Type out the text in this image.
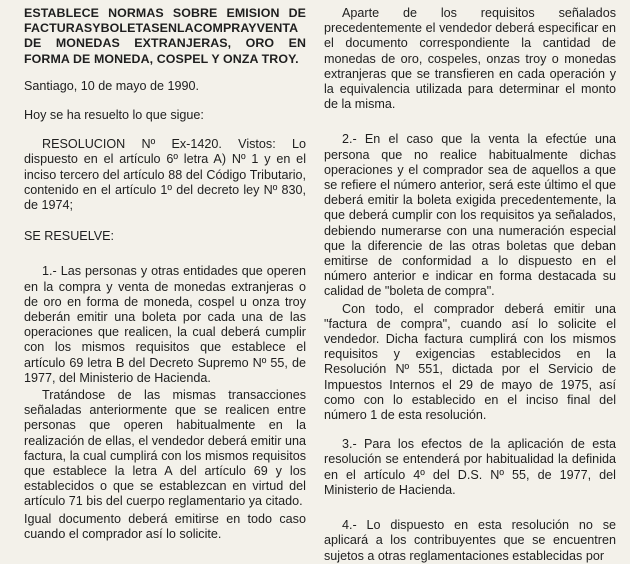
ESTABLECE NORMAS SOBRE EMISION DE FACTURASYBOLETASENLACOMPRAYVENTA DE MONEDAS EXTRANJERAS, ORO EN FORMA DE MONEDA, COSPEL Y ONZA TROY.

Santiago, 10 de mayo de 1990.

Hoy se ha resuelto lo que sigue:

RESOLUCION Nº Ex-1420. Vistos: Lo dispuesto en el artículo 6º letra A) Nº 1 y en el inciso tercero del artículo 88 del Código Tributario, contenido en el artículo 1º del decreto ley Nº 830, de 1974;

SE RESUELVE:

1.- Las personas y otras entidades que operen en la compra y venta de monedas extranjeras o de oro en forma de moneda, cospel u onza troy deberán emitir una boleta por cada una de las operaciones que realicen, la cual deberá cumplir con los mismos requisitos que establece el artículo 69 letra B del Decreto Supremo Nº 55, de 1977, del Ministerio de Hacienda.

Tratándose de las mismas transacciones señaladas anteriormente que se realicen entre personas que operen habitualmente en la realización de ellas, el vendedor deberá emitir una factura, la cual cumplirá con los mismos requisitos que establece la letra A del artículo 69 y los establecidos o que se establezcan en virtud del artículo 71 bis del cuerpo reglamentario ya citado.

Igual documento deberá emitirse en todo caso cuando el comprador así lo solicite.

Aparte de los requisitos señalados precedentemente el vendedor deberá especificar en el documento correspondiente la cantidad de monedas de oro, cospeles, onzas troy o monedas extranjeras que se transfieren en cada operación y la equivalencia utilizada para determinar el monto de la misma.

2.- En el caso que la venta la efectúe una persona que no realice habitualmente dichas operaciones y el comprador sea de aquellos a que se refiere el número anterior, será este último el que deberá emitir la boleta exigida precedentemente, la que deberá cumplir con los requisitos ya señalados, debiendo numerarse con una numeración especial que la diferencie de las otras boletas que deban emitirse de conformidad a lo dispuesto en el número anterior e indicar en forma destacada su calidad de "boleta de compra".

Con todo, el comprador deberá emitir una "factura de compra", cuando así lo solicite el vendedor. Dicha factura cumplirá con los mismos requisitos y exigencias establecidos en la Resolución Nº 551, dictada por el Servicio de Impuestos Internos el 29 de mayo de 1975, así como con lo establecido en el inciso final del número 1 de esta resolución.

3.- Para los efectos de la aplicación de esta resolución se entenderá por habitualidad la definida en el artículo 4º del D.S. Nº 55, de 1977, del Ministerio de Hacienda.

4.- Lo dispuesto en esta resolución no se aplicará a los contribuyentes que se encuentren sujetos a otras reglamentaciones establecidas por
